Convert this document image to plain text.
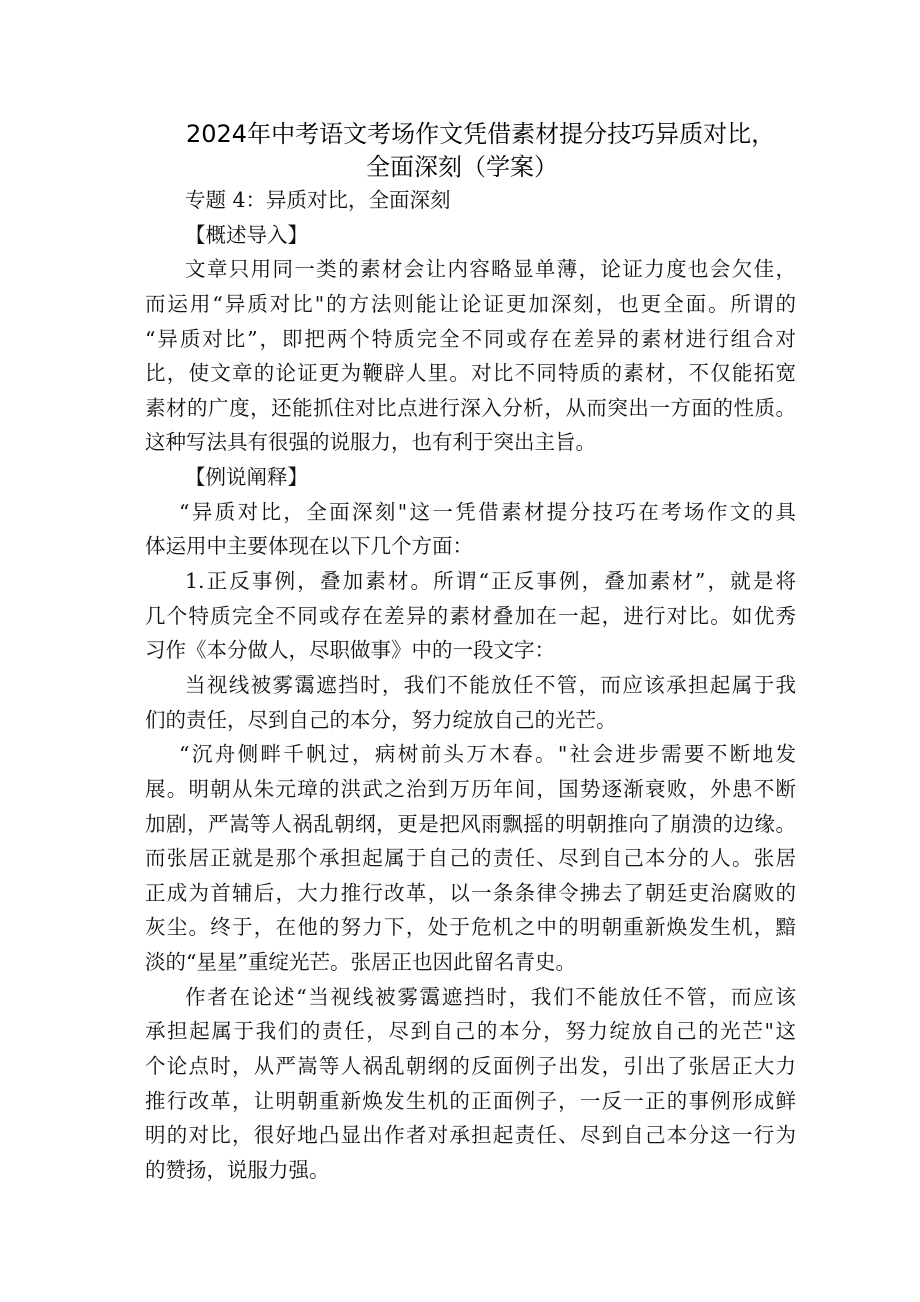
2024年中考语文考场作文凭借素材提分技巧异质对比，
全面深刻（学案）
专题 4：异质对比，全面深刻
【概述导入】
文章只用同一类的素材会让内容略显单薄，论证力度也会欠佳，
而运用“异质对比"的方法则能让论证更加深刻，也更全面。所谓的
“异质对比”，即把两个特质完全不同或存在差异的素材进行组合对
比，使文章的论证更为鞭辟人里。对比不同特质的素材，不仅能拓宽
素材的广度，还能抓住对比点进行深入分析，从而突出一方面的性质。
这种写法具有很强的说服力，也有利于突出主旨。
【例说阐释】
“异质对比，全面深刻"这一凭借素材提分技巧在考场作文的具
体运用中主要体现在以下几个方面：
1.正反事例，叠加素材。所谓“正反事例，叠加素材”，就是将
几个特质完全不同或存在差异的素材叠加在一起，进行对比。如优秀
习作《本分做人，尽职做事》中的一段文字：
当视线被雾霭遮挡时，我们不能放任不管，而应该承担起属于我
们的责任，尽到自己的本分，努力绽放自己的光芒。
“沉舟侧畔千帆过，病树前头万木春。"社会进步需要不断地发
展。明朝从朱元璋的洪武之治到万历年间，国势逐渐衰败，外患不断
加剧，严嵩等人祸乱朝纲，更是把风雨飘摇的明朝推向了崩溃的边缘。
而张居正就是那个承担起属于自己的责任、尽到自己本分的人。张居
正成为首辅后，大力推行改革，以一条条律令拂去了朝廷吏治腐败的
灰尘。终于，在他的努力下，处于危机之中的明朝重新焕发生机，黯
淡的“星星”重绽光芒。张居正也因此留名青史。
作者在论述“当视线被雾霭遮挡时，我们不能放任不管，而应该
承担起属于我们的责任，尽到自己的本分，努力绽放自己的光芒"这
个论点时，从严嵩等人祸乱朝纲的反面例子出发，引出了张居正大力
推行改革，让明朝重新焕发生机的正面例子，一反一正的事例形成鲜
明的对比，很好地凸显出作者对承担起责任、尽到自己本分这一行为
的赞扬，说服力强。
